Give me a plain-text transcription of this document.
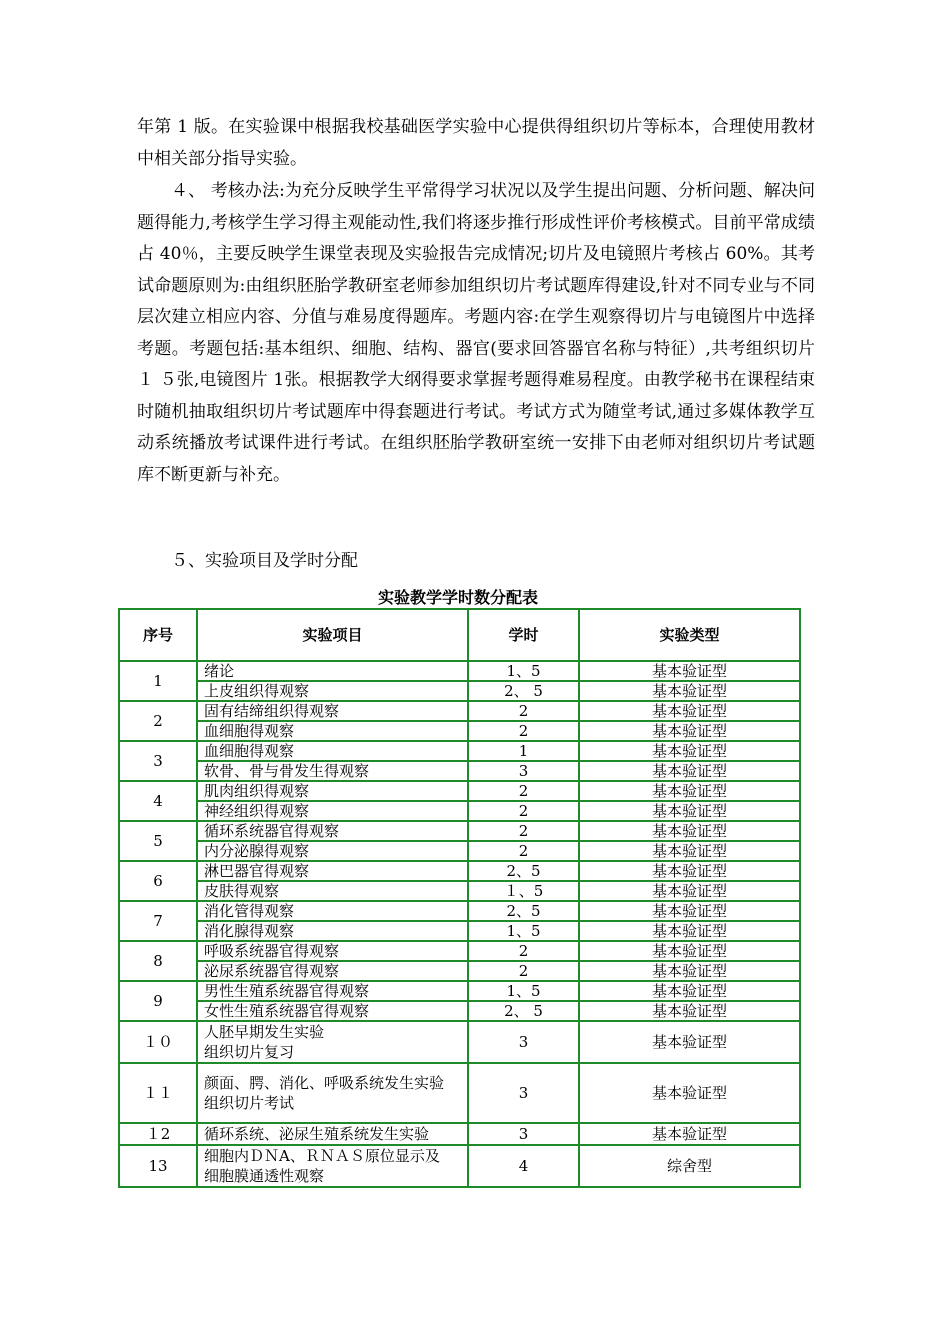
年第 1 版。在实验课中根据我校基础医学实验中心提供得组织切片等标本，合理使用教材中相关部分指导实验。

４、 考核办法:为充分反映学生平常得学习状况以及学生提出问题、分析问题、解决问题得能力,考核学生学习得主观能动性,我们将逐步推行形成性评价考核模式。目前平常成绩占 40％，主要反映学生课堂表现及实验报告完成情况;切片及电镜照片考核占 60%。其考试命题原则为:由组织胚胎学教研室老师参加组织切片考试题库得建设,针对不同专业与不同层次建立相应内容、分值与难易度得题库。考题内容:在学生观察得切片与电镜图片中选择考题。考题包括:基本组织、细胞、结构、器官(要求回答器官名称与特征）,共考组织切片 １ ５张,电镜图片 1张。根据教学大纲得要求掌握考题得难易程度。由教学秘书在课程结束时随机抽取组织切片考试题库中得套题进行考试。考试方式为随堂考试,通过多媒体教学互动系统播放考试课件进行考试。在组织胚胎学教研室统一安排下由老师对组织切片考试题库不断更新与补充。

５、实验项目及学时分配

实验教学学时数分配表
序号	实验项目	学时	实验类型
1	绪论	1、5	基本验证型
	上皮组织得观察	2、 5	基本验证型
2	固有结缔组织得观察	2	基本验证型
	血细胞得观察	2	基本验证型
3	血细胞得观察	1	基本验证型
	软骨、骨与骨发生得观察	3	基本验证型
4	肌肉组织得观察	2	基本验证型
	神经组织得观察	2	基本验证型
5	循环系统器官得观察	2	基本验证型
	内分泌腺得观察	2	基本验证型
6	淋巴器官得观察	2、5	基本验证型
	皮肤得观察	１、5	基本验证型
7	消化管得观察	2、5	基本验证型
	消化腺得观察	1、5	基本验证型
8	呼吸系统器官得观察	2	基本验证型
	泌尿系统器官得观察	2	基本验证型
9	男性生殖系统器官得观察	1、5	基本验证型
	女性生殖系统器官得观察	2、 5	基本验证型
１０	人胚早期发生实验
组织切片复习	3	基本验证型
１１	颜面、腭、消化、呼吸系统发生实验
组织切片考试	3	基本验证型
１2	循环系统、泌尿生殖系统发生实验	3	基本验证型
13	细胞内ＤＮA、ＲＮＡＳ原位显示及
细胞膜通透性观察	4	综舍型
